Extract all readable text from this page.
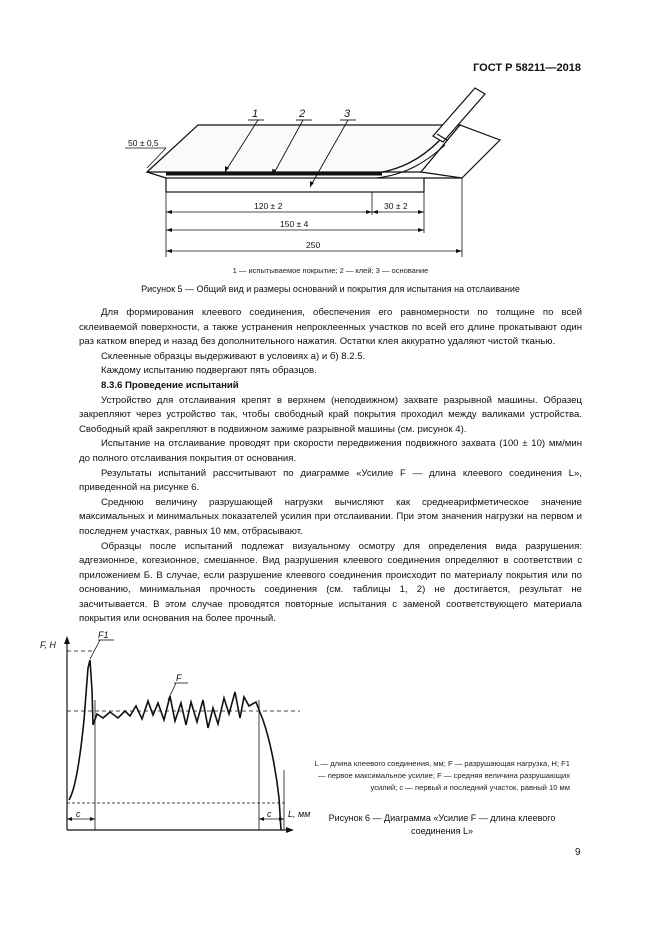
ГОСТ Р 58211—2018
1	2	3
50 ± 0,5
120 ± 2	30 ± 2
150 ± 4
250
1 — испытываемое покрытие; 2 — клей; 3 — основание
Рисунок 5 — Общий вид и размеры оснований и покрытия для испытания на отслаивание

Для формирования клеевого соединения, обеспечения его равномерности по толщине по всей склеиваемой поверхности, а также устранения непроклеенных участков по всей его длине прокатывают один раз катком вперед и назад без дополнительного нажатия. Остатки клея аккуратно удаляют чистой тканью.

Склеенные образцы выдерживают в условиях а) и б) 8.2.5.

Каждому испытанию подвергают пять образцов.

8.3.6 Проведение испытаний

Устройство для отслаивания крепят в верхнем (неподвижном) захвате разрывной машины. Образец закрепляют через устройство так, чтобы свободный край покрытия проходил между валиками устройства. Свободный край закрепляют в подвижном зажиме разрывной машины (см. рисунок 4).

Испытание на отслаивание проводят при скорости передвижения подвижного захвата (100 ± 10) мм/мин до полного отслаивания покрытия от основания.

Результаты испытаний рассчитывают по диаграмме «Усилие F — длина клеевого соединения L», приведенной на рисунке 6.

Среднюю величину разрушающей нагрузки вычисляют как среднеарифметическое значение максимальных и минимальных показателей усилия при отслаивании. При этом значения нагрузки на первом и последнем участках, равных 10 мм, отбрасывают.

Образцы после испытаний подлежат визуальному осмотру для определения вида разрушения: адгезионное, когезионное, смешанное. Вид разрушения клеевого соединения определяют в соответствии с приложением Б. В случае, если разрушение клеевого соединения происходит по материалу покрытия или по основанию, минимальная прочность соединения (см. таблицы 1, 2) не достигается, результат не засчитывается. В этом случае проводятся повторные испытания с заменой соответствующего материала покрытия или основания на более прочный.

F, Н
L, мм
F1
F
с	с
L — длина клеевого соединения, мм; F — разрушающая нагрузка, Н; F1 — первое максимальное усилие; F — средняя величина разрушающих усилий; с — первый и последний участок, равный 10 мм
Рисунок 6 — Диаграмма «Усилие F — длина клеевого соединения L»
9
